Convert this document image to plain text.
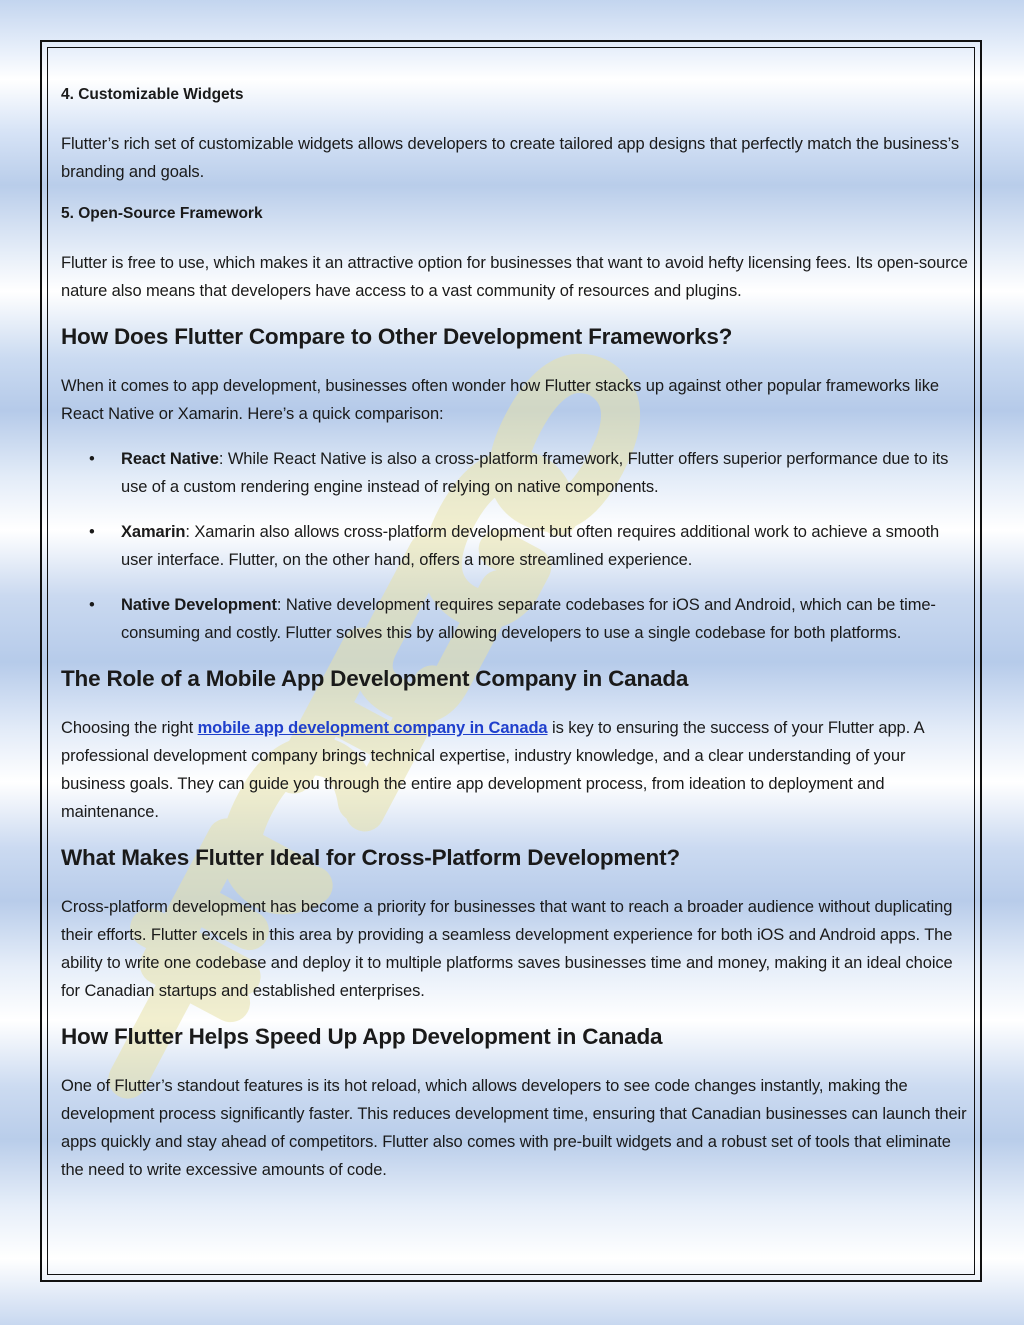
4. Customizable Widgets

Flutter’s rich set of customizable widgets allows developers to create tailored app designs that perfectly match the business’s branding and goals.

5. Open-Source Framework

Flutter is free to use, which makes it an attractive option for businesses that want to avoid hefty licensing fees. Its open-source nature also means that developers have access to a vast community of resources and plugins.

How Does Flutter Compare to Other Development Frameworks?

When it comes to app development, businesses often wonder how Flutter stacks up against other popular frameworks like React Native or Xamarin. Here’s a quick comparison:

• React Native: While React Native is also a cross-platform framework, Flutter offers superior performance due to its use of a custom rendering engine instead of relying on native components.
• Xamarin: Xamarin also allows cross-platform development but often requires additional work to achieve a smooth user interface. Flutter, on the other hand, offers a more streamlined experience.
• Native Development: Native development requires separate codebases for iOS and Android, which can be time-consuming and costly. Flutter solves this by allowing developers to use a single codebase for both platforms.
The Role of a Mobile App Development Company in Canada

Choosing the right mobile app development company in Canada is key to ensuring the success of your Flutter app. A professional development company brings technical expertise, industry knowledge, and a clear understanding of your business goals. They can guide you through the entire app development process, from ideation to deployment and maintenance.

What Makes Flutter Ideal for Cross-Platform Development?

Cross-platform development has become a priority for businesses that want to reach a broader audience without duplicating their efforts. Flutter excels in this area by providing a seamless development experience for both iOS and Android apps. The ability to write one codebase and deploy it to multiple platforms saves businesses time and money, making it an ideal choice for Canadian startups and established enterprises.

How Flutter Helps Speed Up App Development in Canada

One of Flutter’s standout features is its hot reload, which allows developers to see code changes instantly, making the development process significantly faster. This reduces development time, ensuring that Canadian businesses can launch their apps quickly and stay ahead of competitors. Flutter also comes with pre-built widgets and a robust set of tools that eliminate the need to write excessive amounts of code.
